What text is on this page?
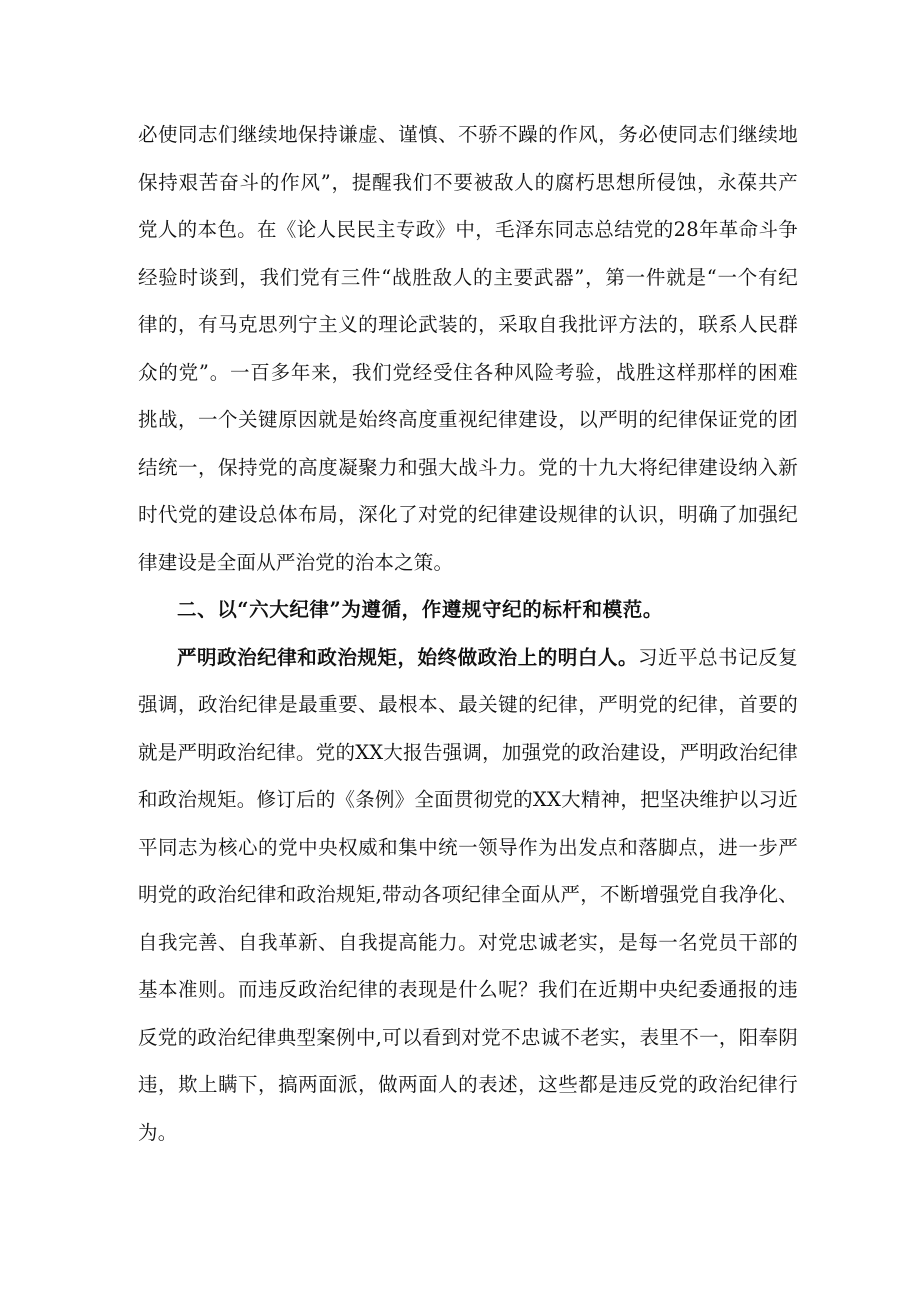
必使同志们继续地保持谦虚、谨慎、不骄不躁的作风，务必使同志们继续地保持艰苦奋斗的作风”，提醒我们不要被敌人的腐朽思想所侵蚀，永葆共产党人的本色。在《论人民民主专政》中，毛泽东同志总结党的28年革命斗争经验时谈到，我们党有三件“战胜敌人的主要武器”，第一件就是“一个有纪律的，有马克思列宁主义的理论武装的，采取自我批评方法的，联系人民群众的党”。一百多年来，我们党经受住各种风险考验，战胜这样那样的困难挑战，一个关键原因就是始终高度重视纪律建设，以严明的纪律保证党的团结统一，保持党的高度凝聚力和强大战斗力。党的十九大将纪律建设纳入新时代党的建设总体布局，深化了对党的纪律建设规律的认识，明确了加强纪律建设是全面从严治党的治本之策。

二、以“六大纪律”为遵循，作遵规守纪的标杆和模范。

严明政治纪律和政治规矩，始终做政治上的明白人。习近平总书记反复强调，政治纪律是最重要、最根本、最关键的纪律，严明党的纪律，首要的就是严明政治纪律。党的XX大报告强调，加强党的政治建设，严明政治纪律和政治规矩。修订后的《条例》全面贯彻党的XX大精神，把坚决维护以习近平同志为核心的党中央权威和集中统一领导作为出发点和落脚点，进一步严明党的政治纪律和政治规矩,带动各项纪律全面从严，不断增强党自我净化、自我完善、自我革新、自我提高能力。对党忠诚老实，是每一名党员干部的基本准则。而违反政治纪律的表现是什么呢？我们在近期中央纪委通报的违反党的政治纪律典型案例中,可以看到对党不忠诚不老实，表里不一，阳奉阴违，欺上瞒下，搞两面派，做两面人的表述，这些都是违反党的政治纪律行为。
